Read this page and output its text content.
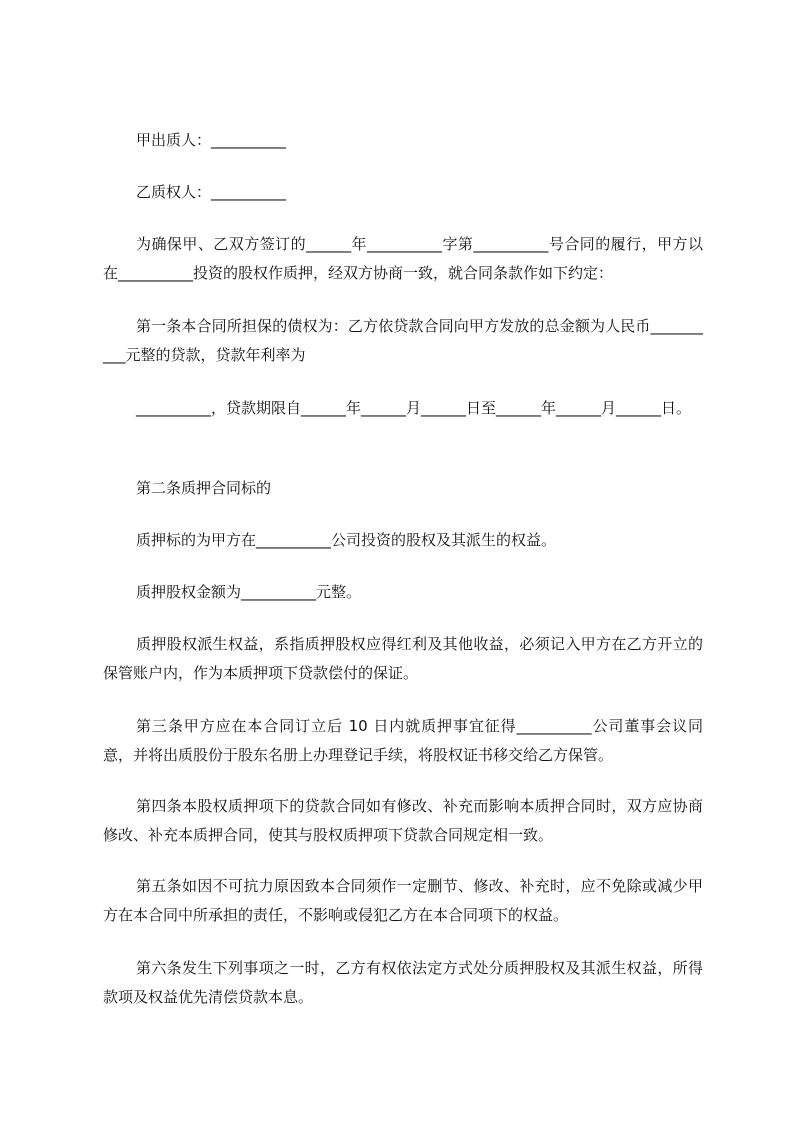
甲出质人：__________

乙质权人：__________

为确保甲、乙双方签订的______年__________字第__________号合同的履行，甲方以在__________投资的股权作质押，经双方协商一致，就合同条款作如下约定：

第一条本合同所担保的债权为：乙方依贷款合同向甲方发放的总金额为人民币__________元整的贷款，贷款年利率为

__________，贷款期限自______年______月______日至______年______月______日。

第二条质押合同标的

质押标的为甲方在__________公司投资的股权及其派生的权益。

质押股权金额为__________元整。

质押股权派生权益，系指质押股权应得红利及其他收益，必须记入甲方在乙方开立的保管账户内，作为本质押项下贷款偿付的保证。

第三条甲方应在本合同订立后 10 日内就质押事宜征得__________公司董事会议同意，并将出质股份于股东名册上办理登记手续，将股权证书移交给乙方保管。

第四条本股权质押项下的贷款合同如有修改、补充而影响本质押合同时，双方应协商修改、补充本质押合同，使其与股权质押项下贷款合同规定相一致。

第五条如因不可抗力原因致本合同须作一定删节、修改、补充时，应不免除或减少甲方在本合同中所承担的责任，不影响或侵犯乙方在本合同项下的权益。

第六条发生下列事项之一时，乙方有权依法定方式处分质押股权及其派生权益，所得款项及权益优先清偿贷款本息。
